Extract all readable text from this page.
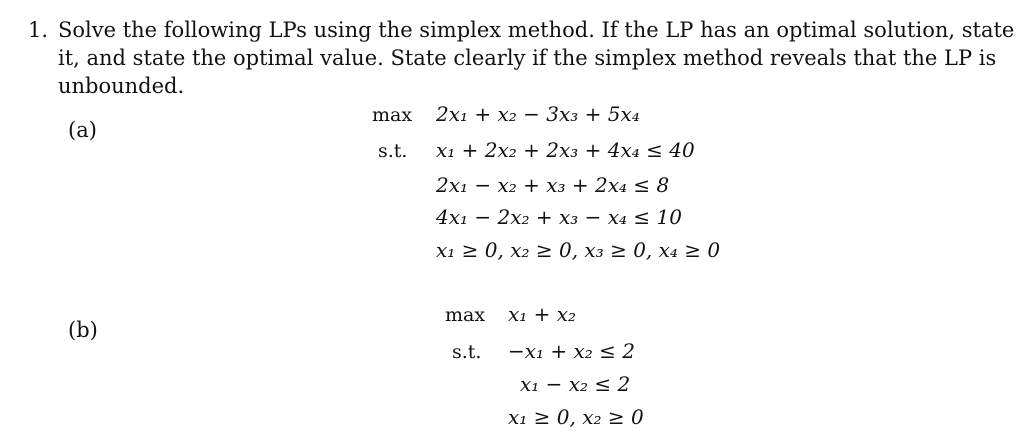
1. Solve the following LPs using the simplex method. If the LP has an optimal solution, state
it, and state the optimal value. State clearly if the simplex method reveals that the LP is
unbounded.
(a)
max 2x₁ + x₂ − 3x₃ + 5x₄
s.t. x₁ + 2x₂ + 2x₃ + 4x₄ ≤ 40
2x₁ − x₂ + x₃ + 2x₄ ≤ 8
4x₁ − 2x₂ + x₃ − x₄ ≤ 10
x₁ ≥ 0, x₂ ≥ 0, x₃ ≥ 0, x₄ ≥ 0
(b)
max x₁ + x₂
s.t. −x₁ + x₂ ≤ 2
x₁ − x₂ ≤ 2
x₁ ≥ 0, x₂ ≥ 0
